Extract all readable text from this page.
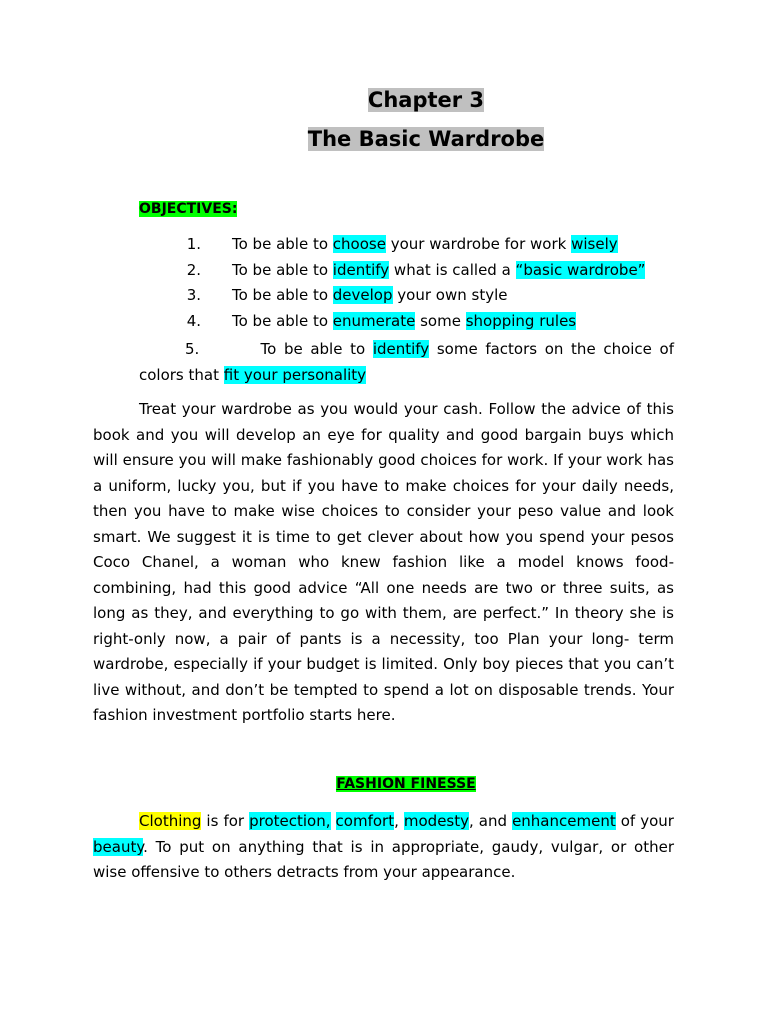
Chapter 3
The Basic Wardrobe
OBJECTIVES:
1. To be able to choose your wardrobe for work wisely
2. To be able to identify what is called a “basic wardrobe”
3. To be able to develop your own style
4. To be able to enumerate some shopping rules
5.	To be able to identify some factors on the choice of
colors that fit your personality

Treat your wardrobe as you would your cash. Follow the advice of this book and you will develop an eye for quality and good bargain buys which will ensure you will make fashionably good choices for work. If your work has a uniform, lucky you, but if you have to make choices for your daily needs, then you have to make wise choices to consider your peso value and look smart. We suggest it is time to get clever about how you spend your pesos Coco Chanel, a woman who knew fashion like a model knows food- combining, had this good advice “All one needs are two or three suits, as long as they, and everything to go with them, are perfect.” In theory she is right-only now, a pair of pants is a necessity, too Plan your long- term wardrobe, especially if your budget is limited. Only boy pieces that you can’t live without, and don’t be tempted to spend a lot on disposable trends. Your fashion investment portfolio starts here.

FASHION FINESSE

Clothing is for protection, comfort, modesty, and enhancement of your beauty. To put on anything that is in appropriate, gaudy, vulgar, or other wise offensive to others detracts from your appearance.
